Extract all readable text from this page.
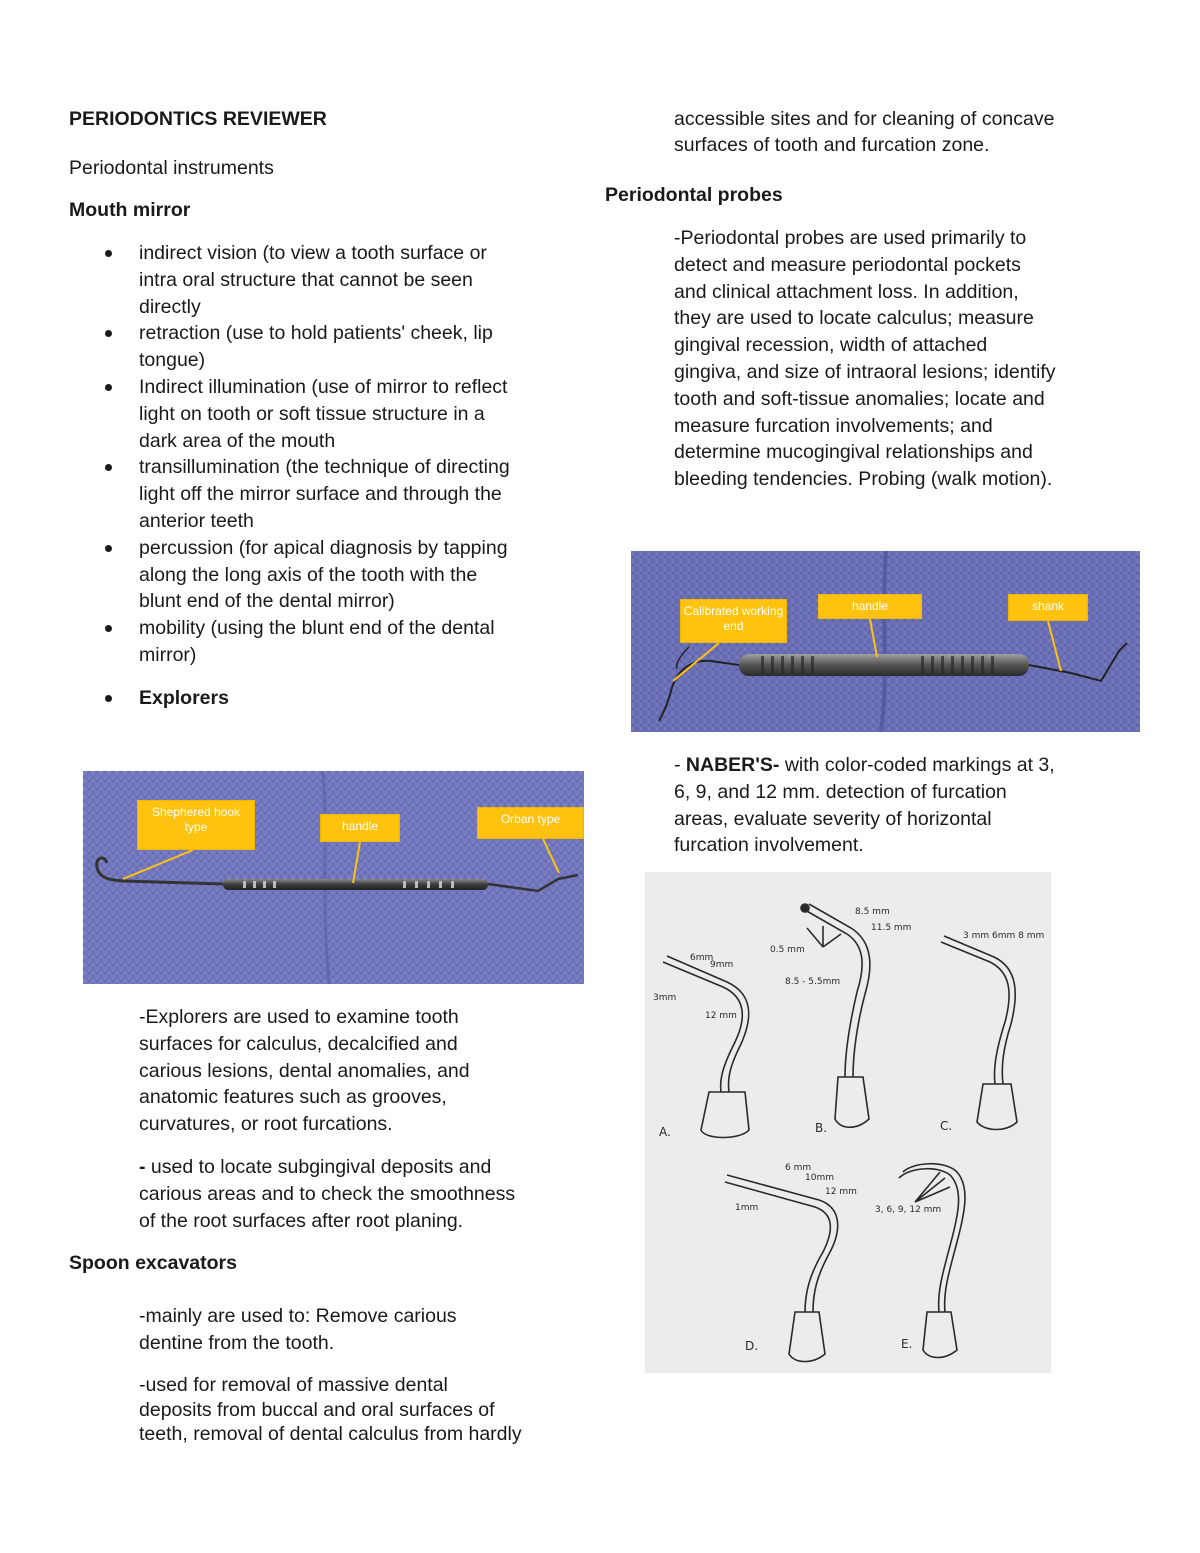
PERIODONTICS REVIEWER
Periodontal instruments
Mouth mirror
indirect vision (to view a tooth surface or
intra oral structure that cannot be seen
directly
retraction (use to hold patients' cheek, lip
tongue)
Indirect illumination (use of mirror to reflect
light on tooth or soft tissue structure in a
dark area of the mouth
transillumination (the technique of directing
light off the mirror surface and through the
anterior teeth
percussion (for apical diagnosis by tapping
along the long axis of the tooth with the
blunt end of the dental mirror)
mobility (using the blunt end of the dental
mirror)
Explorers
Shephered hook type	handle	Orban type
-Explorers are used to examine tooth
surfaces for calculus, decalcified and
carious lesions, dental anomalies, and
anatomic features such as grooves,
curvatures, or root furcations.
- used to locate subgingival deposits and
carious areas and to check the smoothness
of the root surfaces after root planing.
Spoon excavators
-mainly are used to: Remove carious
dentine from the tooth.
-used for removal of massive dental
deposits from buccal and oral surfaces of
teeth, removal of dental calculus from hardly
accessible sites and for cleaning of concave
surfaces of tooth and furcation zone.
Periodontal probes
-Periodontal probes are used primarily to
detect and measure periodontal pockets
and clinical attachment loss. In addition,
they are used to locate calculus; measure
gingival recession, width of attached
gingiva, and size of intraoral lesions; identify
tooth and soft-tissue anomalies; locate and
measure furcation involvements; and
determine mucogingival relationships and
bleeding tendencies. Probing (walk motion).
Calibrated working end
handle	shank
- NABER'S- with color-coded markings at 3,
6, 9, and 12 mm. detection of furcation
areas, evaluate severity of horizontal
furcation involvement.
6mm
9mm
3mm
12 mm
8.5 mm
11.5 mm
0.5 mm
8.5 - 5.5mm
3 mm 6mm 8 mm
6 mm
10mm
1mm
12 mm
3, 6, 9, 12 mm
A.	B.	C.
D.	E.
